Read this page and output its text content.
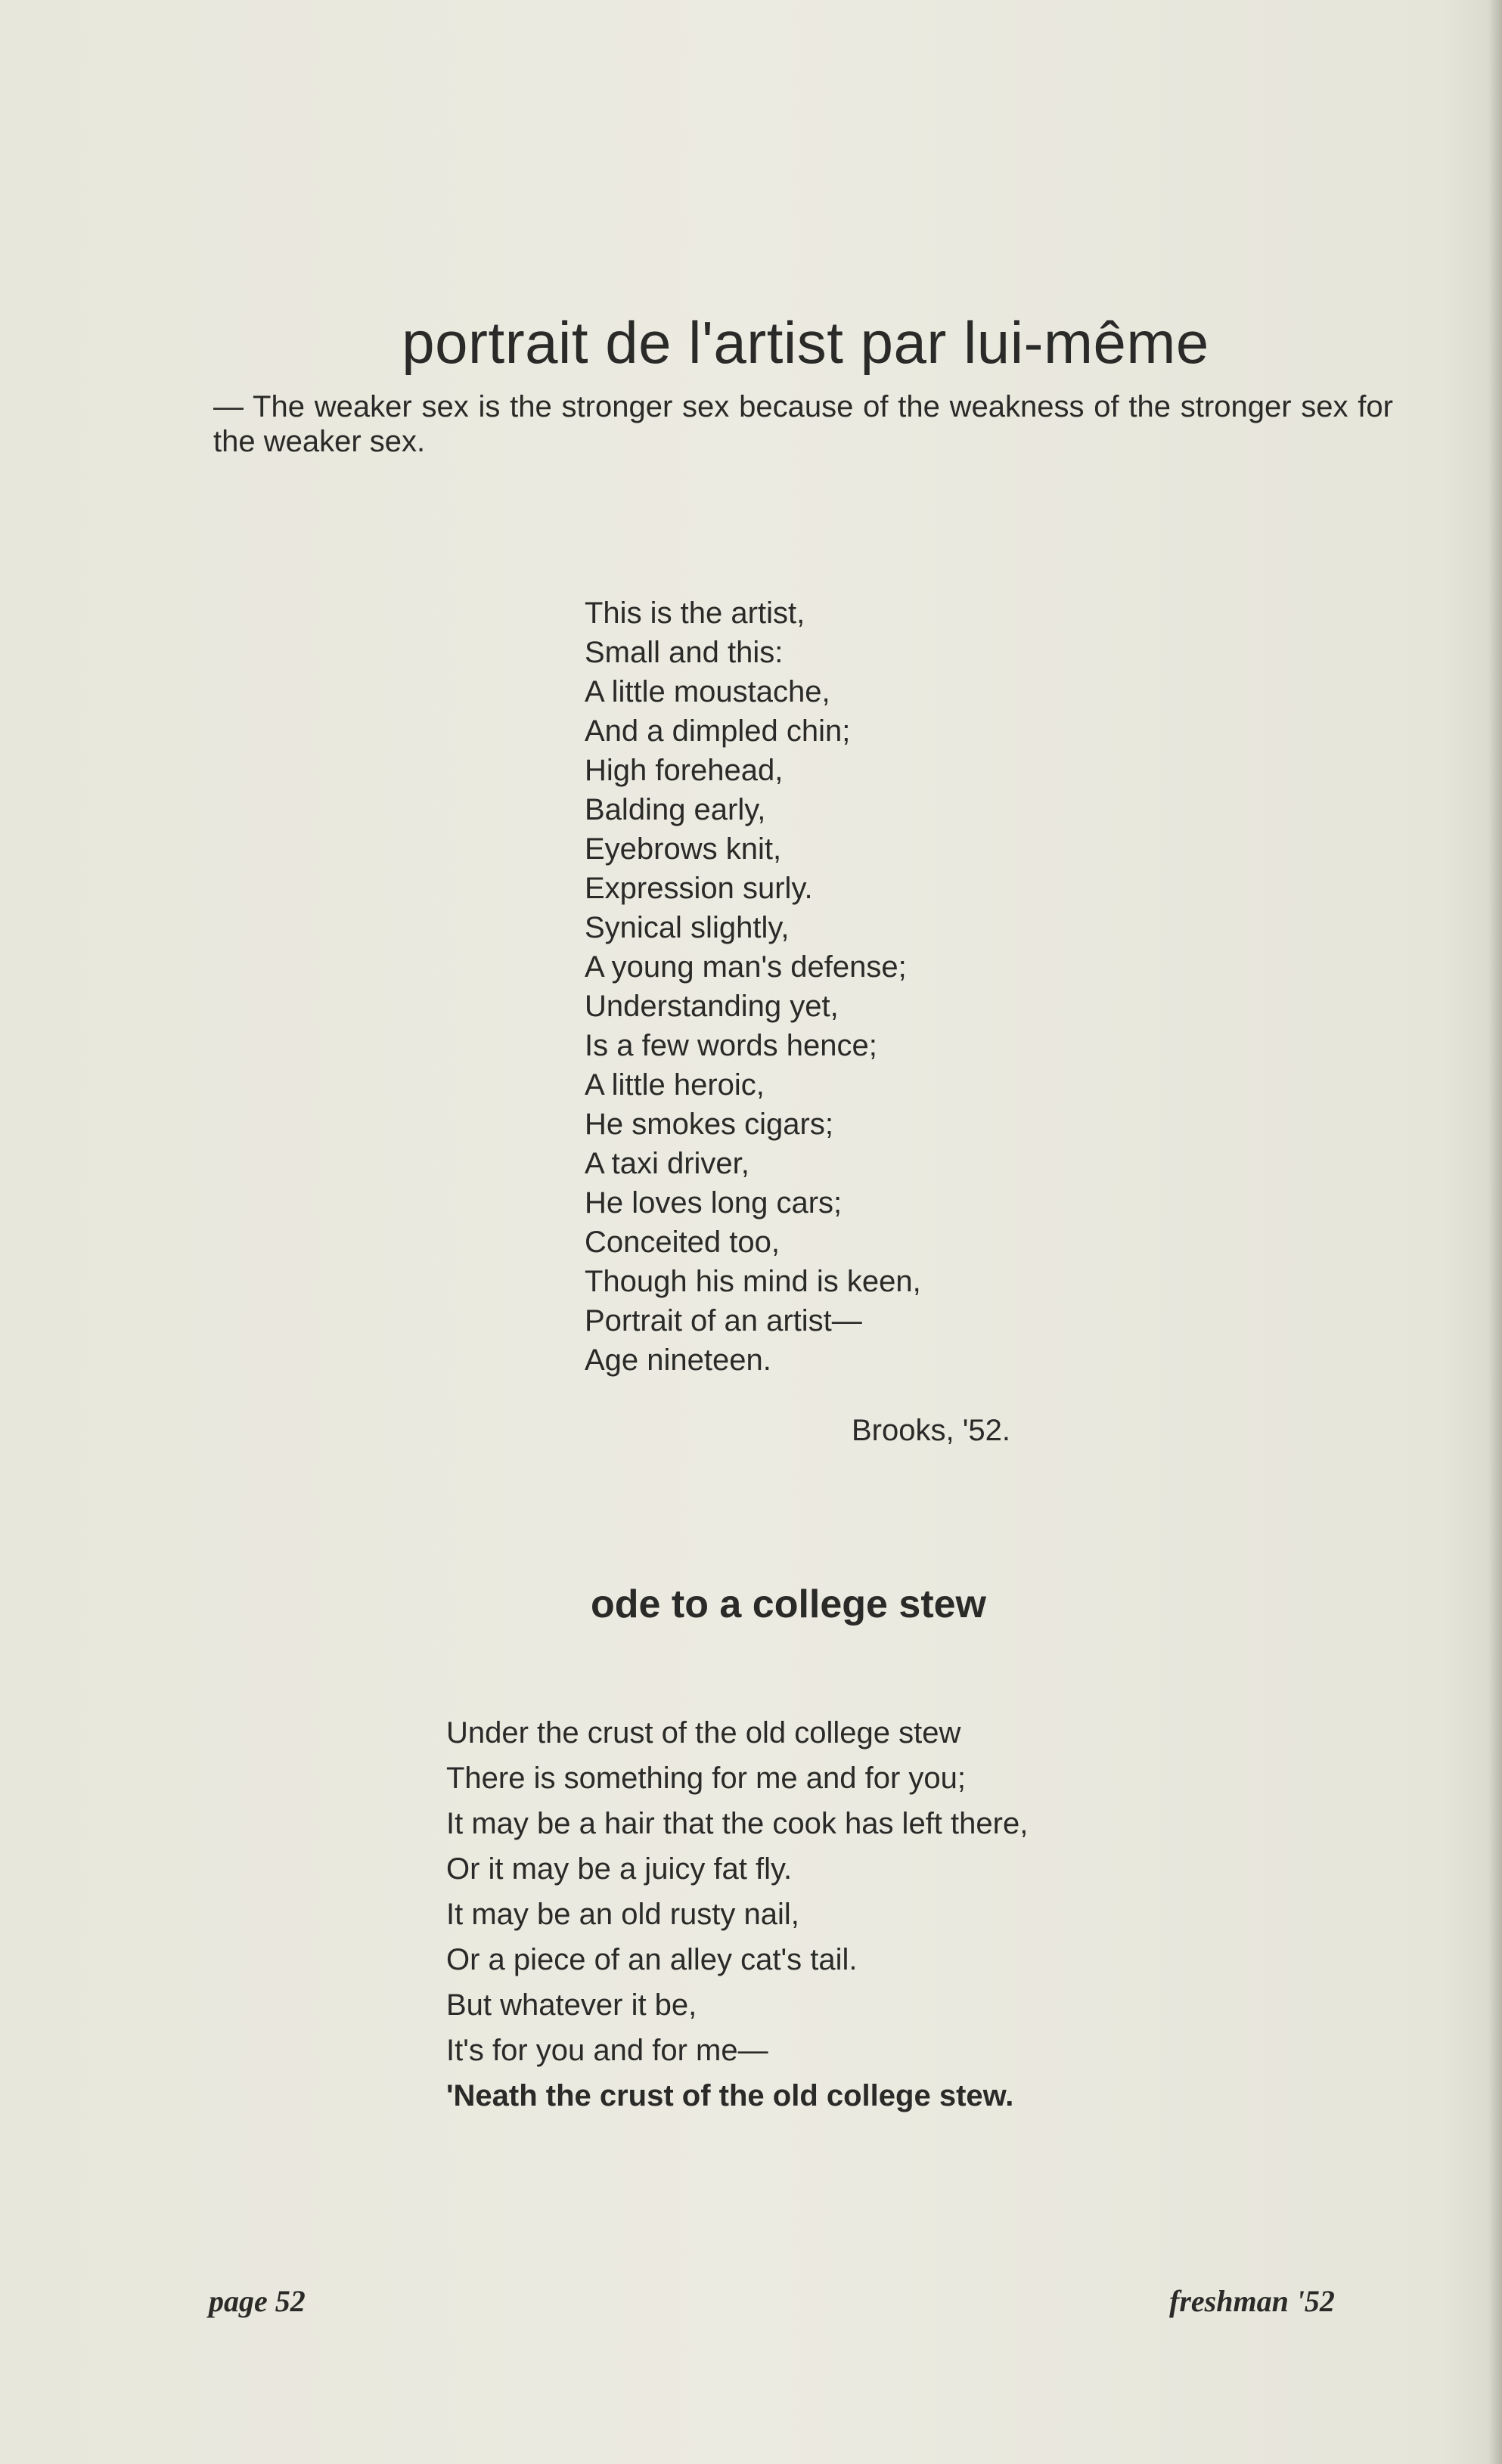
portrait de l'artist par lui-même

— The weaker sex is the stronger sex because of the weakness of the stronger sex for the weaker sex.

This is the artist,
Small and this:
A little moustache,
And a dimpled chin;
High forehead,
Balding early,
Eyebrows knit,
Expression surly.
Synical slightly,
A young man's defense;
Understanding yet,
Is a few words hence;
A little heroic,
He smokes cigars;
A taxi driver,
He loves long cars;
Conceited too,
Though his mind is keen,
Portrait of an artist—
Age nineteen.

Brooks, '52.

ode to a college stew
Under the crust of the old college stew
There is something for me and for you;
It may be a hair that the cook has left there,
Or it may be a juicy fat fly.
It may be an old rusty nail,
Or a piece of an alley cat's tail.
But whatever it be,
It's for you and for me—
'Neath the crust of the old college stew.

page 52	freshman '52
